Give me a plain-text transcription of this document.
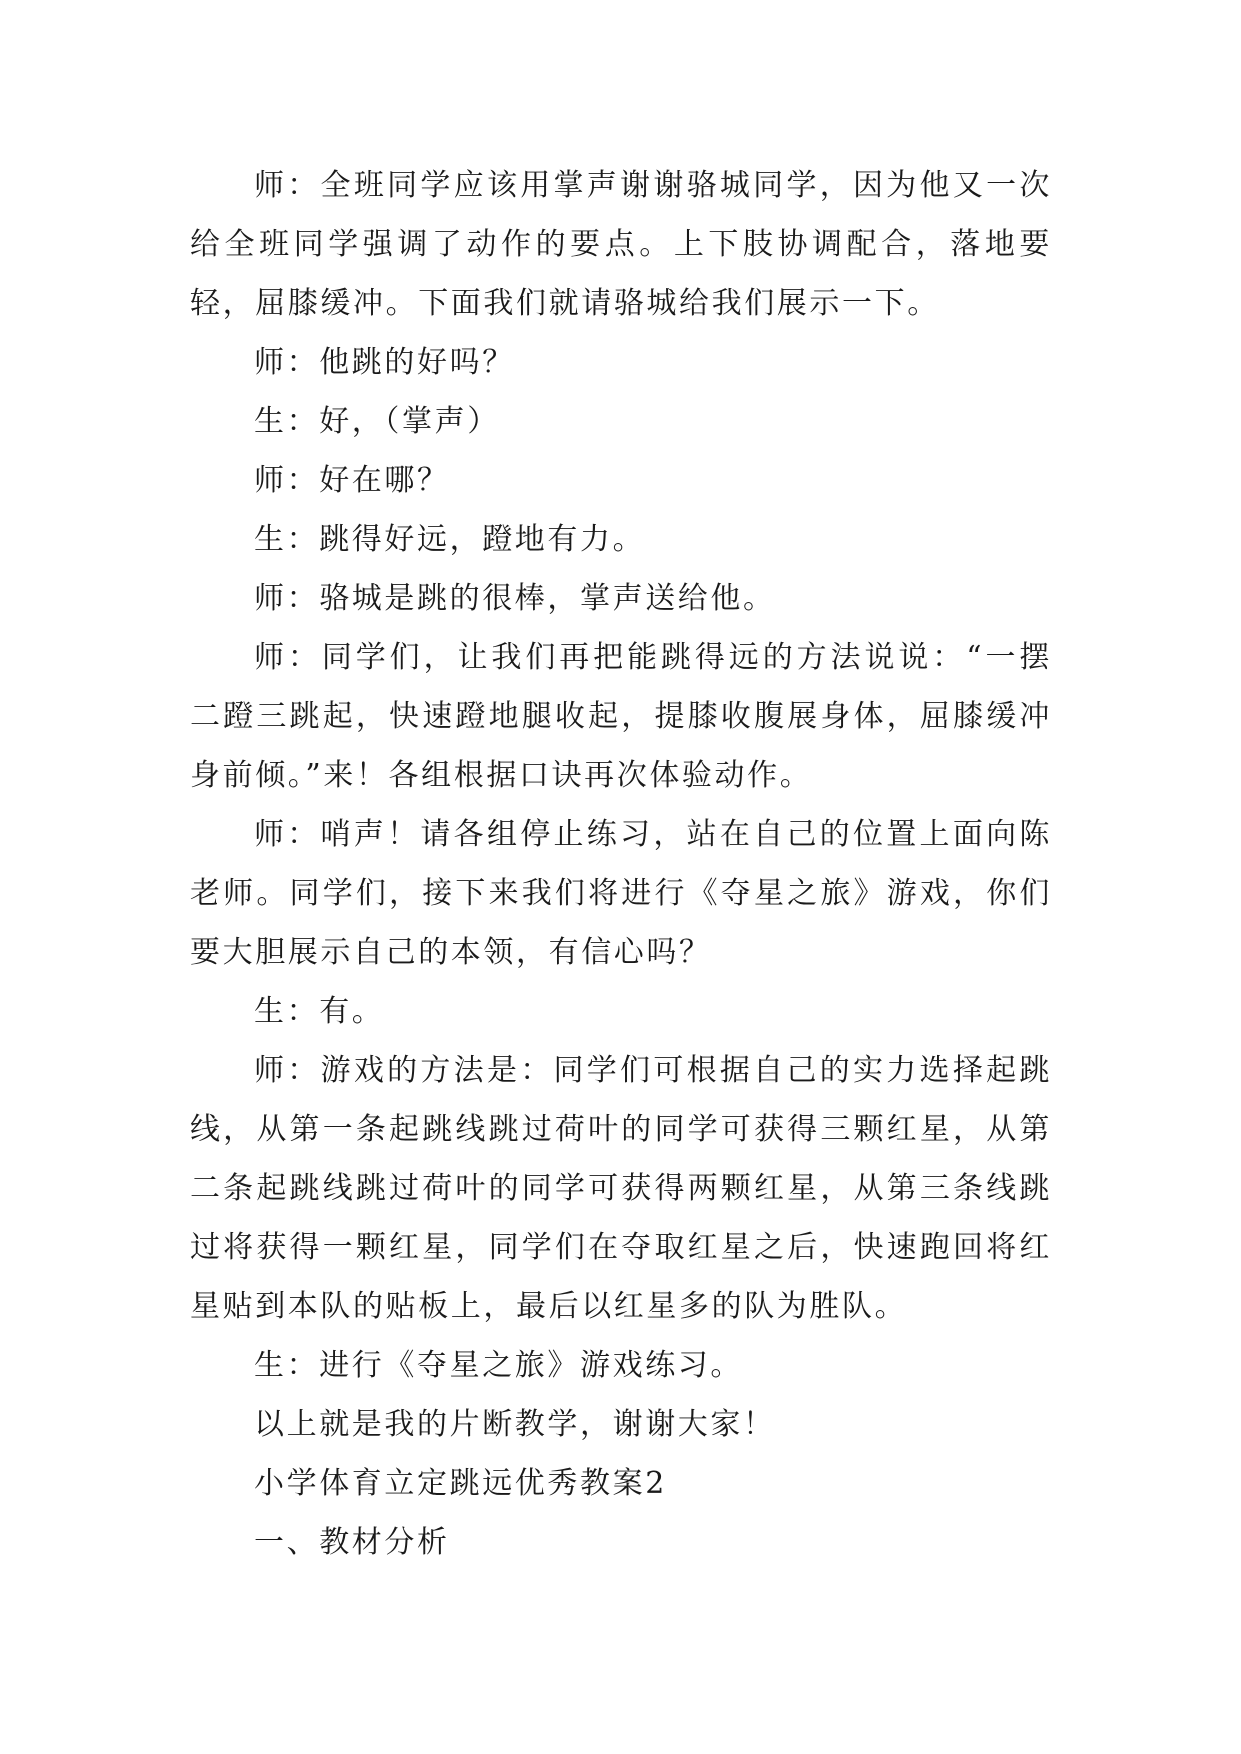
师：全班同学应该用掌声谢谢骆城同学，因为他又一次给全班同学强调了动作的要点。上下肢协调配合，落地要轻，屈膝缓冲。下面我们就请骆城给我们展示一下。

师：他跳的好吗？

生：好，（掌声）

师：好在哪？

生：跳得好远，蹬地有力。

师：骆城是跳的很棒，掌声送给他。

师：同学们，让我们再把能跳得远的方法说说：“一摆二蹬三跳起，快速蹬地腿收起，提膝收腹展身体，屈膝缓冲身前倾。”来！各组根据口诀再次体验动作。

师：哨声！请各组停止练习，站在自己的位置上面向陈老师。同学们，接下来我们将进行《夺星之旅》游戏，你们要大胆展示自己的本领，有信心吗？

生：有。

师：游戏的方法是：同学们可根据自己的实力选择起跳线，从第一条起跳线跳过荷叶的同学可获得三颗红星，从第二条起跳线跳过荷叶的同学可获得两颗红星，从第三条线跳过将获得一颗红星，同学们在夺取红星之后，快速跑回将红星贴到本队的贴板上，最后以红星多的队为胜队。

生：进行《夺星之旅》游戏练习。

以上就是我的片断教学，谢谢大家！

小学体育立定跳远优秀教案2

一、教材分析
